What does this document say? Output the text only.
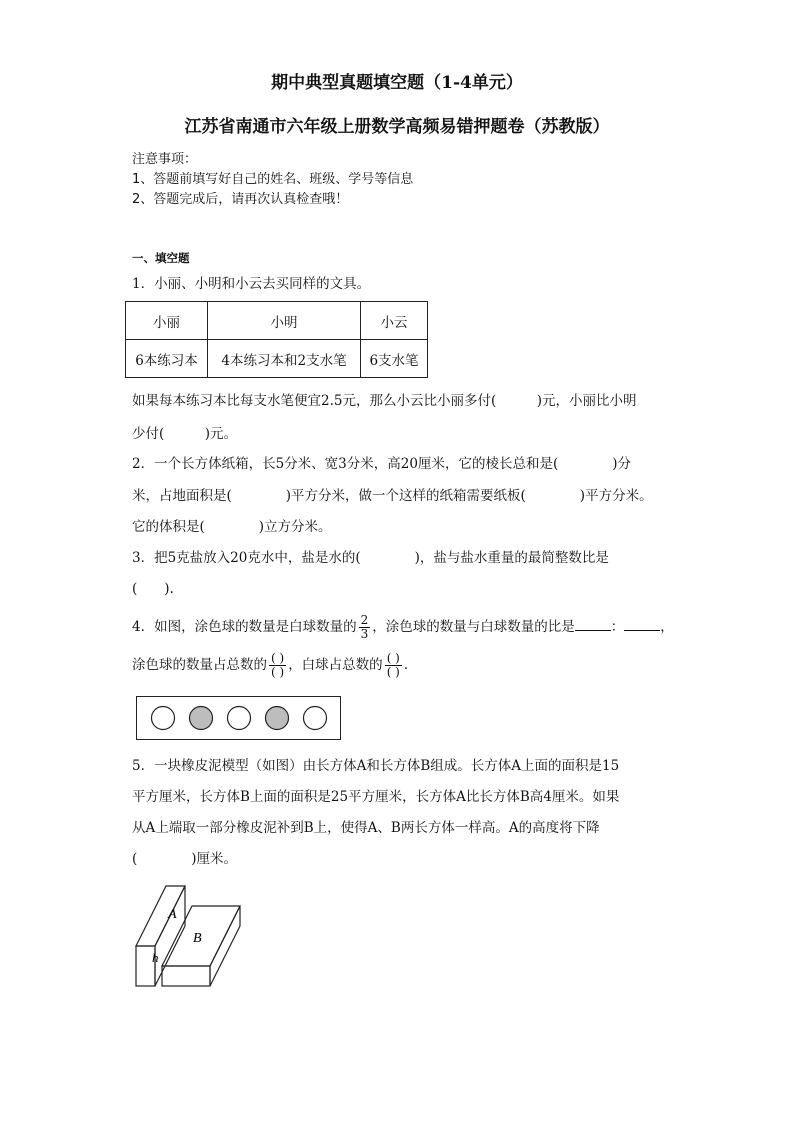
期中典型真题填空题（1-4单元）
江苏省南通市六年级上册数学高频易错押题卷（苏教版）
注意事项：
1、答题前填写好自己的姓名、班级、学号等信息
2、答题完成后，请再次认真检查哦！
一、填空题
1．小丽、小明和小云去买同样的文具。
小丽	小明	小云
6本练习本	4本练习本和2支水笔	6支水笔
如果每本练习本比每支水笔便宜2.5元，那么小云比小丽多付(　　　)元，小丽比小明
少付(　　　)元。
2．一个长方体纸箱，长5分米、宽3分米，高20厘米，它的棱长总和是(　　　　)分
米，占地面积是(　　　　)平方分米，做一个这样的纸箱需要纸板(　　　　)平方分米。
它的体积是(　　　　)立方分米。
3．把5克盐放入20克水中，盐是水的(　　　　)，盐与盐水重量的最简整数比是
(　　).
4．如图，涂色球的数量是白球数量的 $\frac{2}{3}$ ，涂色球的数量与白球数量的比是	：	，
涂色球的数量占总数的 $\frac{( )}{( )}$ ，白球占总数的 $\frac{( )}{( )}$ ．
5．一块橡皮泥模型（如图）由长方体A和长方体B组成。长方体A上面的面积是15
平方厘米，长方体B上面的面积是25平方厘米，长方体A比长方体B高4厘米。如果
从A上端取一部分橡皮泥补到B上，使得A、B两长方体一样高。A的高度将下降
(　　　　)厘米。
A
B
h
